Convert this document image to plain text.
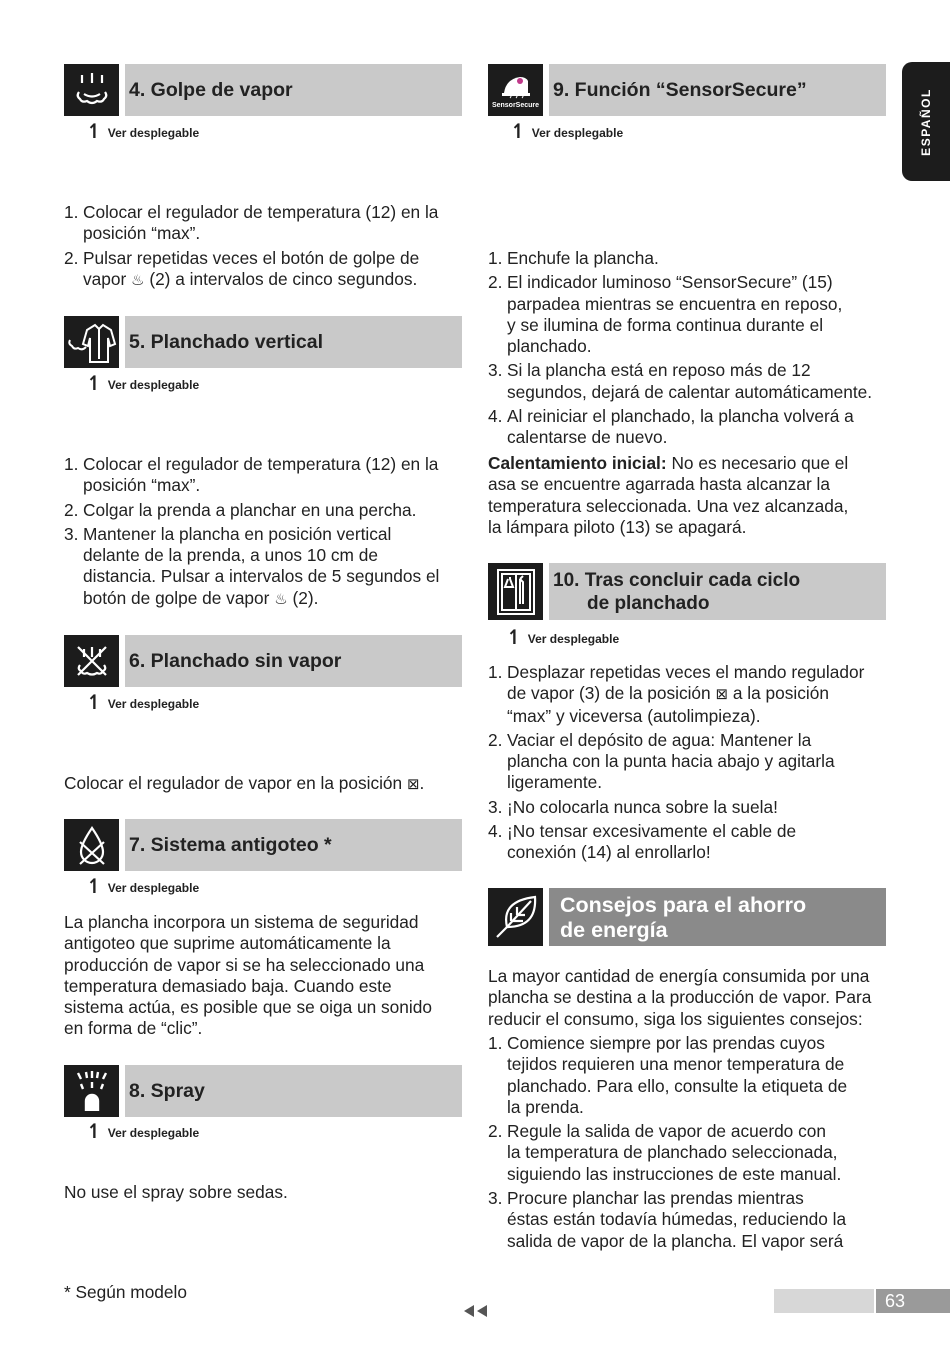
ESPAÑOL
4. Golpe de vapor
↿ Ver desplegable
1. Colocar el regulador de temperatura (12) en la
posición “max”.
2. Pulsar repetidas veces el botón de golpe de
vapor ♨ (2) a intervalos de cinco segundos.
5. Planchado vertical
↿ Ver desplegable
1. Colocar el regulador de temperatura (12) en la
posición “max”.
2. Colgar la prenda a planchar en una percha.
3. Mantener la plancha en posición vertical
delante de la prenda, a unos 10 cm de
distancia. Pulsar a intervalos de 5 segundos el
botón de golpe de vapor ♨ (2).
6. Planchado sin vapor
↿ Ver desplegable
Colocar el regulador de vapor en la posición ⊠.
7. Sistema antigoteo *
↿ Ver desplegable
La plancha incorpora un sistema de seguridad
antigoteo que suprime automáticamente la
producción de vapor si se ha seleccionado una
temperatura demasiado baja. Cuando este
sistema actúa, es posible que se oiga un sonido
en forma de “clic”.
8. Spray
↿ Ver desplegable
No use el spray sobre sedas.
* Según modelo
SensorSecure
9. Función “SensorSecure”
↿ Ver desplegable
1. Enchufe la plancha.
2. El indicador luminoso “SensorSecure” (15)
parpadea mientras se encuentra en reposo,
y se ilumina de forma continua durante el
planchado.
3. Si la plancha está en reposo más de 12
segundos, dejará de calentar automáticamente.
4. Al reiniciar el planchado, la plancha volverá a
calentarse de nuevo.
Calentamiento inicial: No es necesario que el
asa se encuentre agarrada hasta alcanzar la
temperatura seleccionada. Una vez alcanzada,
la lámpara piloto (13) se apagará.
10. Tras concluir cada ciclo
de planchado
↿ Ver desplegable
1. Desplazar repetidas veces el mando regulador
de vapor (3) de la posición ⊠ a la posición
“max” y viceversa (autolimpieza).
2. Vaciar el depósito de agua: Mantener la
plancha con la punta hacia abajo y agitarla
ligeramente.
3. ¡No colocarla nunca sobre la suela!
4. ¡No tensar excesivamente el cable de
conexión (14) al enrollarlo!
Consejos para el ahorro
de energía
La mayor cantidad de energía consumida por una
plancha se destina a la producción de vapor. Para
reducir el consumo, siga los siguientes consejos:
1. Comience siempre por las prendas cuyos
tejidos requieren una menor temperatura de
planchado. Para ello, consulte la etiqueta de
la prenda.
2. Regule la salida de vapor de acuerdo con
la temperatura de planchado seleccionada,
siguiendo las instrucciones de este manual.
3. Procure planchar las prendas mientras
éstas están todavía húmedas, reduciendo la
salida de vapor de la plancha. El vapor será
63
